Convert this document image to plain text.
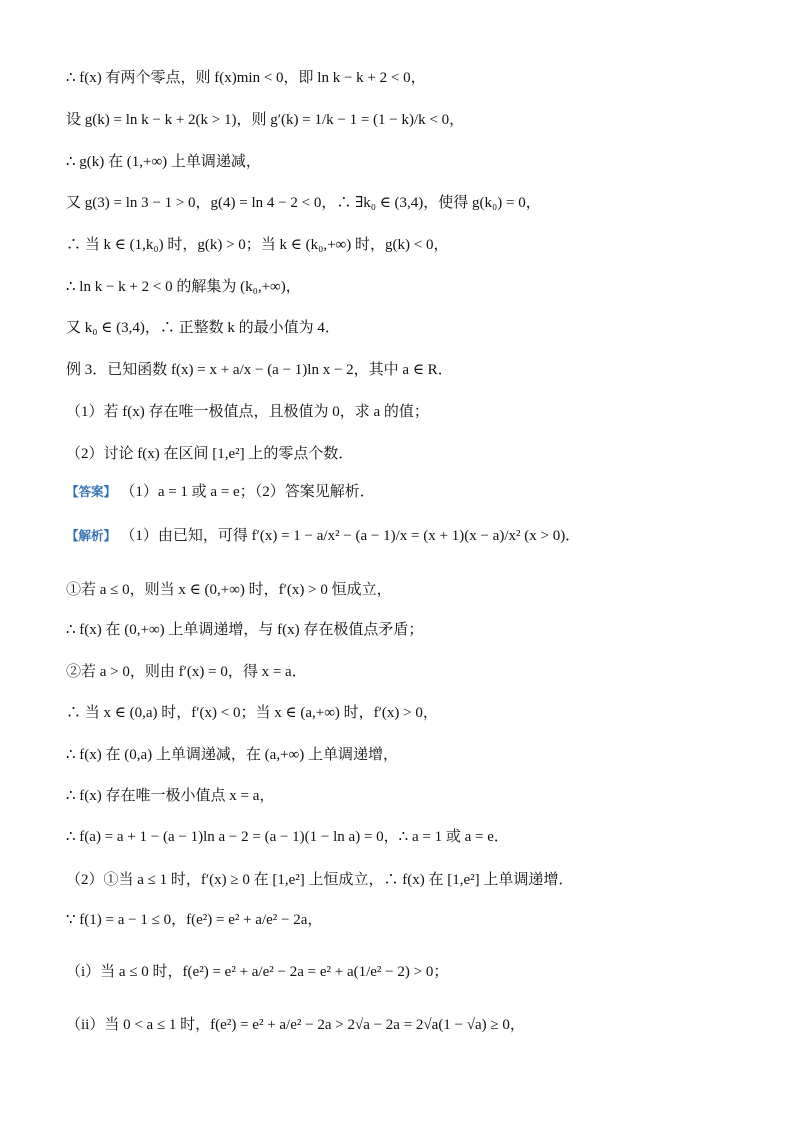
∴ f(x) 有两个零点，则 f(x)min < 0，即 ln k − k + 2 < 0，
设 g(k) = ln k − k + 2(k > 1)，则 g′(k) = 1/k − 1 = (1 − k)/k < 0，
∴ g(k) 在 (1,+∞) 上单调递减，
又 g(3) = ln 3 − 1 > 0，g(4) = ln 4 − 2 < 0，∴ ∃k₀ ∈ (3,4)，使得 g(k₀) = 0，
∴ 当 k ∈ (1,k₀) 时，g(k) > 0；当 k ∈ (k₀,+∞) 时，g(k) < 0，
∴ ln k − k + 2 < 0 的解集为 (k₀,+∞)，
又 k₀ ∈ (3,4)，∴ 正整数 k 的最小值为 4．
例 3．已知函数 f(x) = x + a/x − (a − 1)ln x − 2，其中 a ∈ R．
（1）若 f(x) 存在唯一极值点，且极值为 0，求 a 的值；
（2）讨论 f(x) 在区间 [1,e²] 上的零点个数．
【答案】 （1）a = 1 或 a = e；（2）答案见解析．
【解析】 （1）由已知，可得 f′(x) = 1 − a/x² − (a − 1)/x = (x + 1)(x − a)/x² (x > 0)．
①若 a ≤ 0，则当 x ∈ (0,+∞) 时，f′(x) > 0 恒成立，
∴ f(x) 在 (0,+∞) 上单调递增，与 f(x) 存在极值点矛盾；
②若 a > 0，则由 f′(x) = 0，得 x = a．
∴ 当 x ∈ (0,a) 时，f′(x) < 0；当 x ∈ (a,+∞) 时，f′(x) > 0，
∴ f(x) 在 (0,a) 上单调递减，在 (a,+∞) 上单调递增，
∴ f(x) 存在唯一极小值点 x = a，
∴ f(a) = a + 1 − (a − 1)ln a − 2 = (a − 1)(1 − ln a) = 0，∴ a = 1 或 a = e．
（2）①当 a ≤ 1 时，f′(x) ≥ 0 在 [1,e²] 上恒成立，∴ f(x) 在 [1,e²] 上单调递增．
∵ f(1) = a − 1 ≤ 0，f(e²) = e² + a/e² − 2a，
（i）当 a ≤ 0 时，f(e²) = e² + a/e² − 2a = e² + a(1/e² − 2) > 0；
（ii）当 0 < a ≤ 1 时，f(e²) = e² + a/e² − 2a > 2√a − 2a = 2√a(1 − √a) ≥ 0，
